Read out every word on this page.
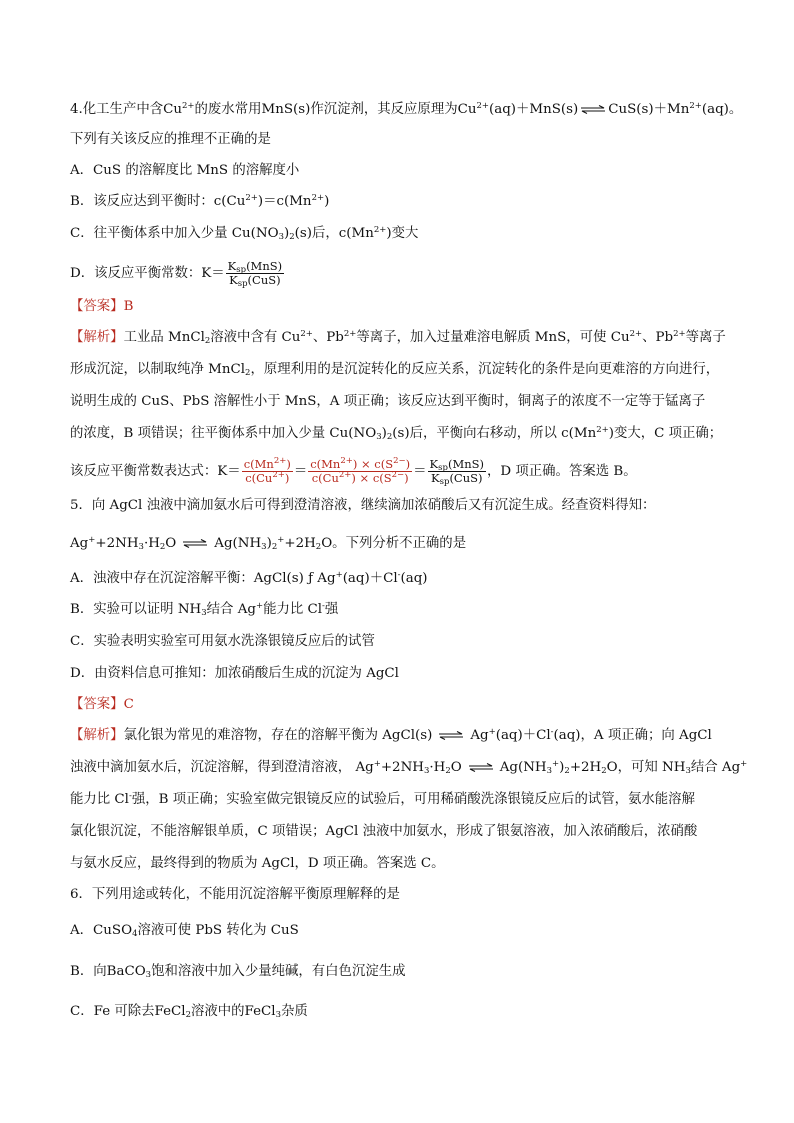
4.化工生产中含$Cu^{2+}$的废水常用MnS(s)作沉淀剂，其反应原理为$Cu^{2+}(aq)+MnS(s)$ $CuS(s)+Mn^{2+}(aq)$。
下列有关该反应的推理不正确的是
A．CuS 的溶解度比 MnS 的溶解度小
B．该反应达到平衡时：$c(Cu^{2+})=c(Mn^{2+})$
C．往平衡体系中加入少量 $Cu(NO_3)_2(s)$后，$c(Mn^{2+})$变大
D．该反应平衡常数：$K= \frac{K_{sp}(MnS)}{K_{sp}(CuS)}$
【答案】B
【解析】工业品 MnCl$_2$溶液中含有 $Cu^{2+}$、$Pb^{2+}$等离子，加入过量难溶电解质 MnS，可使 $Cu^{2+}$、$Pb^{2+}$等离子
形成沉淀，以制取纯净 MnCl$_2$，原理利用的是沉淀转化的反应关系，沉淀转化的条件是向更难溶的方向进行，
说明生成的 CuS、PbS 溶解性小于 MnS，A 项正确；该反应达到平衡时，铜离子的浓度不一定等于锰离子
的浓度，B 项错误；往平衡体系中加入少量 $Cu(NO_3)_2(s)$后，平衡向右移动，所以 $c(Mn^{2+})$变大，C 项正确；
该反应平衡常数表达式：$K= \frac{c(Mn^{2+})}{c(Cu^{2+})} = \frac{c(Mn^{2+}) \times c(S^{2-})}{c(Cu^{2+}) \times c(S^{2-})} = \frac{K_{sp}(MnS)}{K_{sp}(CuS)}$ ，D 项正确。答案选 B。
5．向 AgCl 浊液中滴加氨水后可得到澄清溶液，继续滴加浓硝酸后又有沉淀生成。经查资料得知：
$Ag^++2NH_3\cdot H_2O$	$Ag(NH_3)_2^++2H_2O$。下列分析不正确的是
A．浊液中存在沉淀溶解平衡：AgCl(s) ƒ Ag+(aq)＋Cl-(aq)
B．实验可以证明 $NH_3$结合 Ag+能力比 Cl-强
C．实验表明实验室可用氨水洗涤银镜反应后的试管
D．由资料信息可推知：加浓硝酸后生成的沉淀为 AgCl
【答案】C
【解析】氯化银为常见的难溶物，存在的溶解平衡为 AgCl(s)	Ag+(aq)＋Cl-(aq)，A 项正确；向 AgCl
浊液中滴加氨水后，沉淀溶解，得到澄清溶液， $Ag^++2NH_3\cdot H_2O$	$Ag(NH_3^+)_2+2H_2O$，可知 $NH_3$结合 Ag+
能力比 Cl-强，B 项正确；实验室做完银镜反应的试验后，可用稀硝酸洗涤银镜反应后的试管，氨水能溶解
氯化银沉淀，不能溶解银单质，C 项错误；AgCl 浊液中加氨水，形成了银氨溶液，加入浓硝酸后，浓硝酸
与氨水反应，最终得到的物质为 AgCl，D 项正确。答案选 C。
6．下列用途或转化，不能用沉淀溶解平衡原理解释的是
A．CuSO$_4$溶液可使 PbS 转化为 CuS
B．向BaCO$_3$饱和溶液中加入少量纯碱，有白色沉淀生成
C．Fe 可除去FeCl$_2$溶液中的FeCl$_3$杂质
